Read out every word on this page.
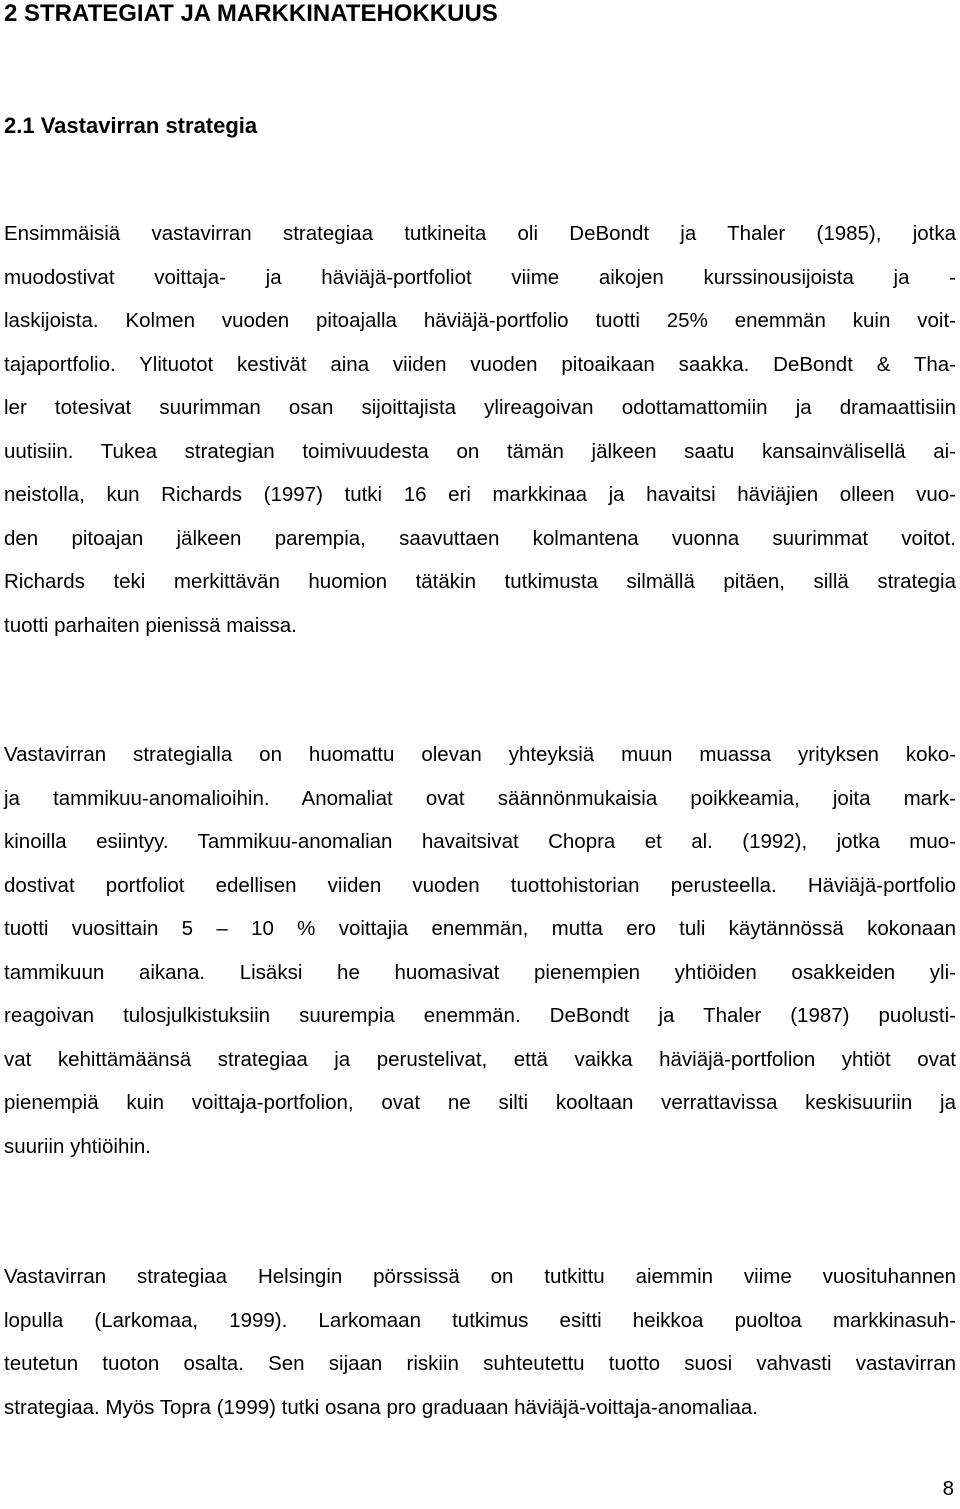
2 STRATEGIAT JA MARKKINATEHOKKUUS
2.1 Vastavirran strategia
Ensimmäisiä vastavirran strategiaa tutkineita oli DeBondt ja Thaler (1985), jotka
muodostivat voittaja- ja häviäjä-portfoliot viime aikojen kurssinousijoista ja -
laskijoista. Kolmen vuoden pitoajalla häviäjä-portfolio tuotti 25% enemmän kuin voit-
tajaportfolio. Ylituotot kestivät aina viiden vuoden pitoaikaan saakka. DeBondt & Tha-
ler totesivat suurimman osan sijoittajista ylireagoivan odottamattomiin ja dramaattisiin
uutisiin. Tukea strategian toimivuudesta on tämän jälkeen saatu kansainvälisellä ai-
neistolla, kun Richards (1997) tutki 16 eri markkinaa ja havaitsi häviäjien olleen vuo-
den pitoajan jälkeen parempia, saavuttaen kolmantena vuonna suurimmat voitot.
Richards teki merkittävän huomion tätäkin tutkimusta silmällä pitäen, sillä strategia
tuotti parhaiten pienissä maissa.
Vastavirran strategialla on huomattu olevan yhteyksiä muun muassa yrityksen koko-
ja tammikuu-anomalioihin. Anomaliat ovat säännönmukaisia poikkeamia, joita mark-
kinoilla esiintyy. Tammikuu-anomalian havaitsivat Chopra et al. (1992), jotka muo-
dostivat portfoliot edellisen viiden vuoden tuottohistorian perusteella. Häviäjä-portfolio
tuotti vuosittain 5 – 10 % voittajia enemmän, mutta ero tuli käytännössä kokonaan
tammikuun aikana. Lisäksi he huomasivat pienempien yhtiöiden osakkeiden yli-
reagoivan tulosjulkistuksiin suurempia enemmän. DeBondt ja Thaler (1987) puolusti-
vat kehittämäänsä strategiaa ja perustelivat, että vaikka häviäjä-portfolion yhtiöt ovat
pienempiä kuin voittaja-portfolion, ovat ne silti kooltaan verrattavissa keskisuuriin ja
suuriin yhtiöihin.
Vastavirran strategiaa Helsingin pörssissä on tutkittu aiemmin viime vuosituhannen
lopulla (Larkomaa, 1999). Larkomaan tutkimus esitti heikkoa puoltoa markkinasuh-
teutetun tuoton osalta. Sen sijaan riskiin suhteutettu tuotto suosi vahvasti vastavirran
strategiaa. Myös Topra (1999) tutki osana pro graduaan häviäjä-voittaja-anomaliaa.
8
